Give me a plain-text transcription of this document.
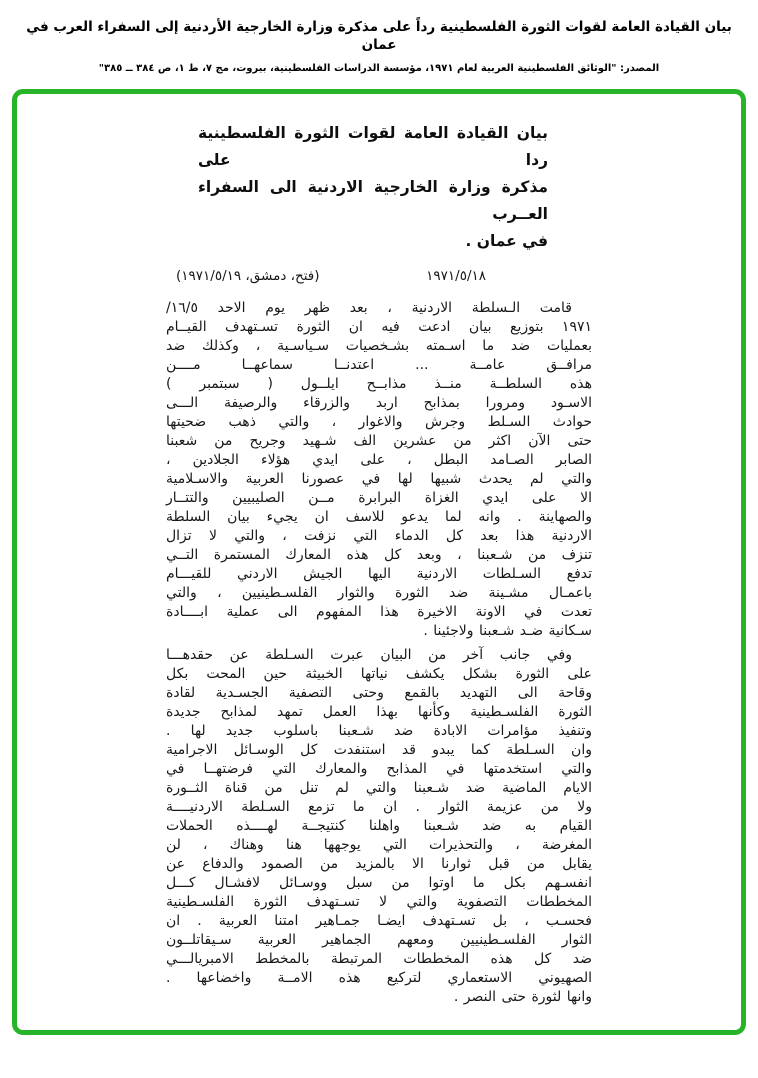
بيان القيادة العامة لقوات الثورة الفلسطينية رداً على مذكرة وزارة الخارجية الأردنية إلى السفراء العرب في عمان
المصدر: "الوثائق الفلسطينية العربية لعام ١٩٧١، مؤسسة الدراسات الفلسطينية، بيروت، مج ٧، ط ١، ص ٣٨٤ ــ ٣٨٥"
بيان القيادة العامة لقوات الثورة الفلسطينية ردا على
مذكرة وزارة الخارجية الاردنية الى السفراء العــرب
في عمان .
١٩٧١/٥/١٨
(فتح، دمشق، ١٩٧١/٥/١٩)
قامت الـسلطة الاردنية ، بعد ظهر يوم الاحد ١٦/٥/
١٩٧١ بتوزيع بيان ادعت فيه ان الثورة تسـتهدف القيــام
بعمليات ضد ما اسـمته بشـخصيات سـياسـية ، وكذلك ضد
مرافــق عامــة ... اعتدنــا سماعهــا مــــن
هذه السلطــة منــذ مذابــح ايلــول ( سبتمبر )
الاسـود ومرورا بمذابح اربد والزرقاء والرصيفة الـــى
حوادث السـلط وجرش والاغوار ، والتي ذهب ضحيتها
حتى الآن اكثر من عشرين الف شـهيد وجريح من شعبنا
الصابر الصـامد البطل ، على ايدي هؤلاء الجلادين ،
والتي لم يحدث شبيها لها في عصورنا العربية والاسـلامية
الا على ايدي الغزاة البرابرة مــن الصليبيين والتتــار
والصهاينة . وانه لما يدعو للاسف ان يجيء بيان السلطة
الاردنية هذا بعد كل الدماء التي نزفت ، والتي لا تزال
تنزف من شـعبنا ، وبعد كل هذه المعارك المستمرة التــي
تدفع السـلطات الاردنية اليها الجيش الاردني للقيـــام
باعمـال مشـينة ضد الثورة والثوار الفلسـطينيين ، والتي
تعدت في الاونة الاخيرة هذا المفهوم الى عملية ابــــادة
سـكانية ضـد شـعبنا ولاجئينا .
وفي جانب آخر من البيان عبرت السـلطة عن حقدهـــا
على الثورة بشكل يكشف نياتها الخبيثة حين المحت بكل
وقاحة الى التهديد بالقمع وحتى التصفية الجسـدية لقادة
الثورة الفلسـطينية وكأنها بهذا العمل تمهد لمذابح جديدة
وتنفيذ مؤامرات الابادة ضد شـعبنا باسلوب جديد لها .
وان السـلطة كما يبدو قد استنفدت كل الوسـائل الاجرامية
والتي استخدمتها في المذابح والمعارك التي فرضتهــا في
الايام الماضية ضد شـعبنا والتي لم تنل من قناة الثــورة
ولا من عزيمة الثوار . ان ما تزمع السـلطة الاردنيــــة
القيام به ضد شـعبنا واهلنا كنتيجــة لهــــذه الحملات
المغرضة ، والتحذيرات التي يوجهها هنا وهناك ، لن
يقابل من قبل ثوارنا الا بالمزيد من الصمود والدفاع عن
انفسـهم بكل ما اوتوا من سبل ووسـائل لافشـال كـــل
المخططات التصفوية والتي لا تسـتهدف الثورة الفلسـطينية
فحسـب ، بل تسـتهدف ايضـا جمـاهير امتنا العربية . ان
الثوار الفلسـطينيين ومعهم الجماهير العربية سـيقاتلــون
ضد كل هذه المخططات المرتبطة بالمخطط الامبريالـــي
الصهيوني الاستعماري لتركيع هذه الامــة واخضاعها .
وانها لثورة حتى النصر .
